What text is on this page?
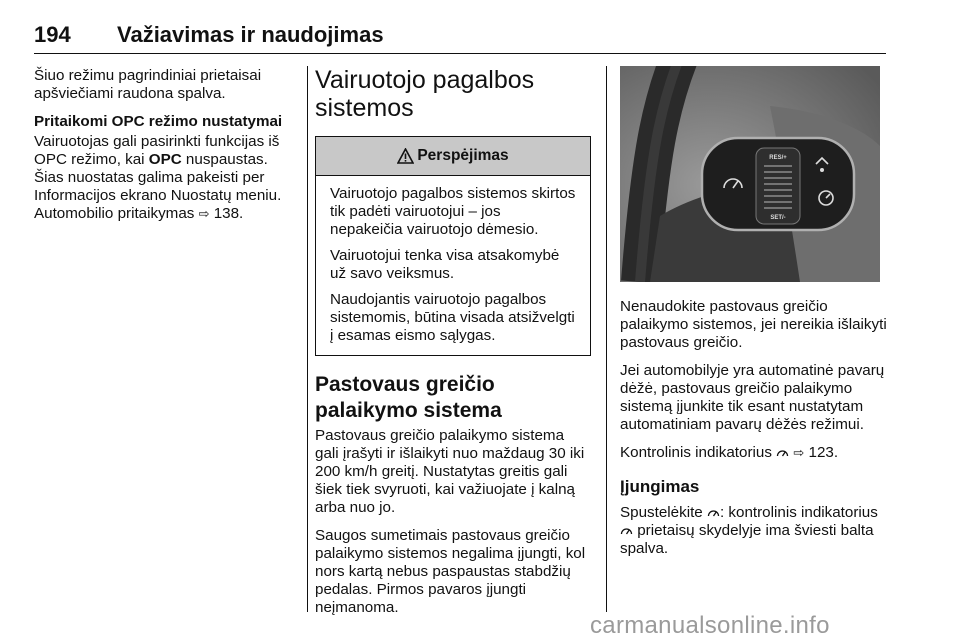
194 Važiavimas ir naudojimas

Šiuo režimu pagrindiniai prietaisai apšviečiami raudona spalva.

Pritaikomi OPC režimo nustatymai

Vairuotojas gali pasirinkti funkcijas iš OPC režimo, kai OPC nuspaustas. Šias nuostatas galima pakeisti per Informacijos ekrano Nuostatų meniu. Automobilio pritaikymas ⇨ 138.

Vairuotojo pagalbos sistemos
Perspėjimas

Vairuotojo pagalbos sistemos skirtos tik padėti vairuotojui – jos nepakeičia vairuotojo dėmesio.

Vairuotojui tenka visa atsakomybė už savo veiksmus.

Naudojantis vairuotojo pagalbos sistemomis, būtina visada atsižvelgti į esamas eismo sąlygas.

Pastovaus greičio palaikymo sistema

Pastovaus greičio palaikymo sistema gali įrašyti ir išlaikyti nuo maždaug 30 iki 200 km/h greitį. Nustatytas greitis gali šiek tiek svyruoti, kai važiuojate į kalną arba nuo jo.

Saugos sumetimais pastovaus greičio palaikymo sistemos negalima įjungti, kol nors kartą nebus paspaustas stabdžių pedalas. Pirmos pavaros įjungti neįmanoma.

RES/+
SET/-

Nenaudokite pastovaus greičio palaikymo sistemos, jei nereikia išlaikyti pastovaus greičio.

Jei automobilyje yra automatinė pavarų dėžė, pastovaus greičio palaikymo sistemą įjunkite tik esant nustatytam automatiniam pavarų dėžės režimui.

Kontrolinis indikatorius  ⇨ 123.

Įjungimas

Spustelėkite : kontrolinis indikatorius  prietaisų skydelyje ima šviesti balta spalva.

carmanualsonline.info
